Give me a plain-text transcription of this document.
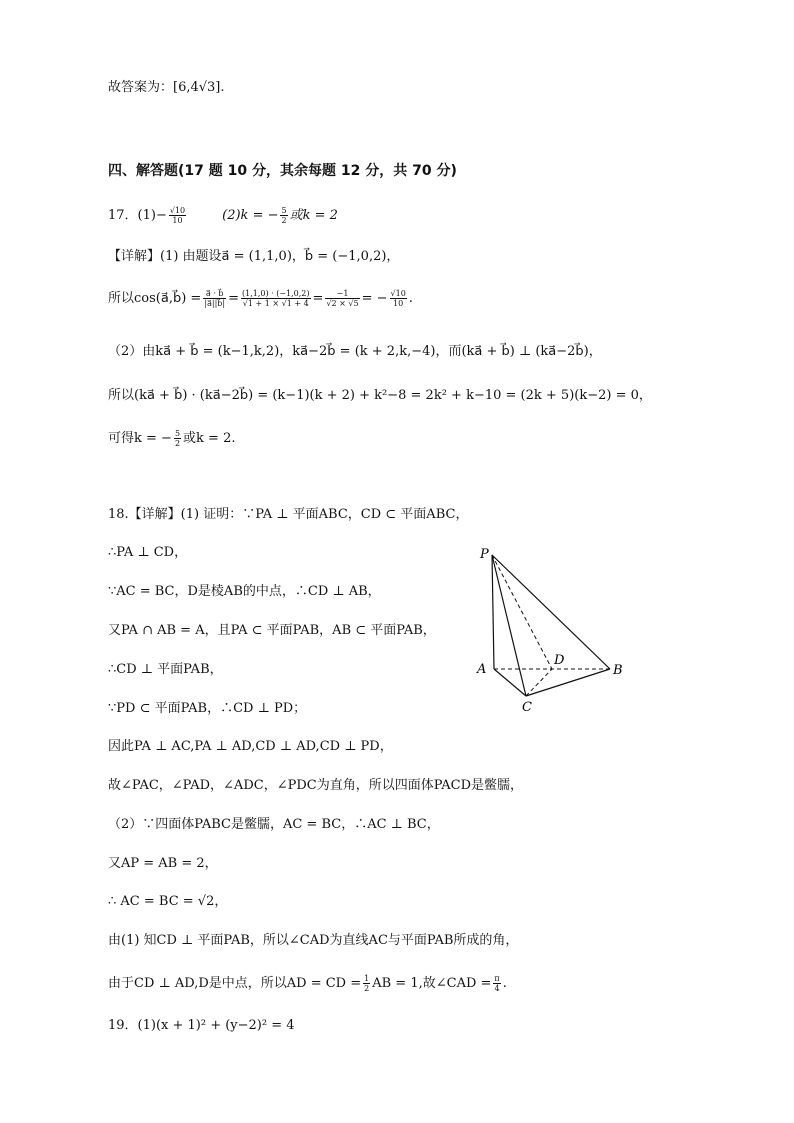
故答案为：[6,4√3].
四、解答题(17 题 10 分，其余每题 12 分，共 70 分)
17．$(1)- \frac{√10}{10}$	(2)k = − $\frac{5}{2}$ 或k = 2
【详解】(1) 由题设a⃗ = (1,1,0)，b⃗ = (−1,0,2)，
所以cos(a⃗,b⃗) = $\frac{a⃗ \cdot b⃗}{|a⃗||b⃗|} = \frac{(1,1,0) \cdot (-1,0,2)}{√1 + 1 \times √1 + 4} = \frac{-1}{√2 \times √5}$ = − $\frac{√10}{10}$ .
（2）由ka⃗ + b⃗ = (k−1,k,2)，ka⃗−2b⃗ = (k + 2,k,−4)，而(ka⃗ + b⃗) ⊥ (ka⃗−2b⃗)，
所以(ka⃗ + b⃗) · (ka⃗−2b⃗) = (k−1)(k + 2) + k²−8 = 2k² + k−10 = (2k + 5)(k−2) = 0，
可得k = − $\frac{5}{2}$ 或k = 2.
18.【详解】(1) 证明：∵PA ⊥ 平面ABC，CD ⊂ 平面ABC，
∴PA ⊥ CD，
∵AC = BC，D是棱AB的中点，∴CD ⊥ AB，
又PA ∩ AB = A，且PA ⊂ 平面PAB，AB ⊂ 平面PAB，
∴CD ⊥ 平面PAB，
∵PD ⊂ 平面PAB，∴CD ⊥ PD；
因此PA ⊥ AC,PA ⊥ AD,CD ⊥ AD,CD ⊥ PD，
故∠PAC，∠PAD，∠ADC，∠PDC为直角，所以四面体PACD是鳖臑，
（2）∵四面体PABC是鳖臑，AC = BC，∴AC ⊥ BC，
又AP = AB = 2，
∴ AC = BC = √2，
由(1) 知CD ⊥ 平面PAB，所以∠CAD为直线AC与平面PAB所成的角，
由于CD ⊥ AD,D是中点，所以AD = CD = $\frac{1}{2}$ AB = 1,故∠CAD = $\frac{\pi}{4}$ .
19．(1)(x + 1)² + (y−2)² = 4
P
A
D
B
C
